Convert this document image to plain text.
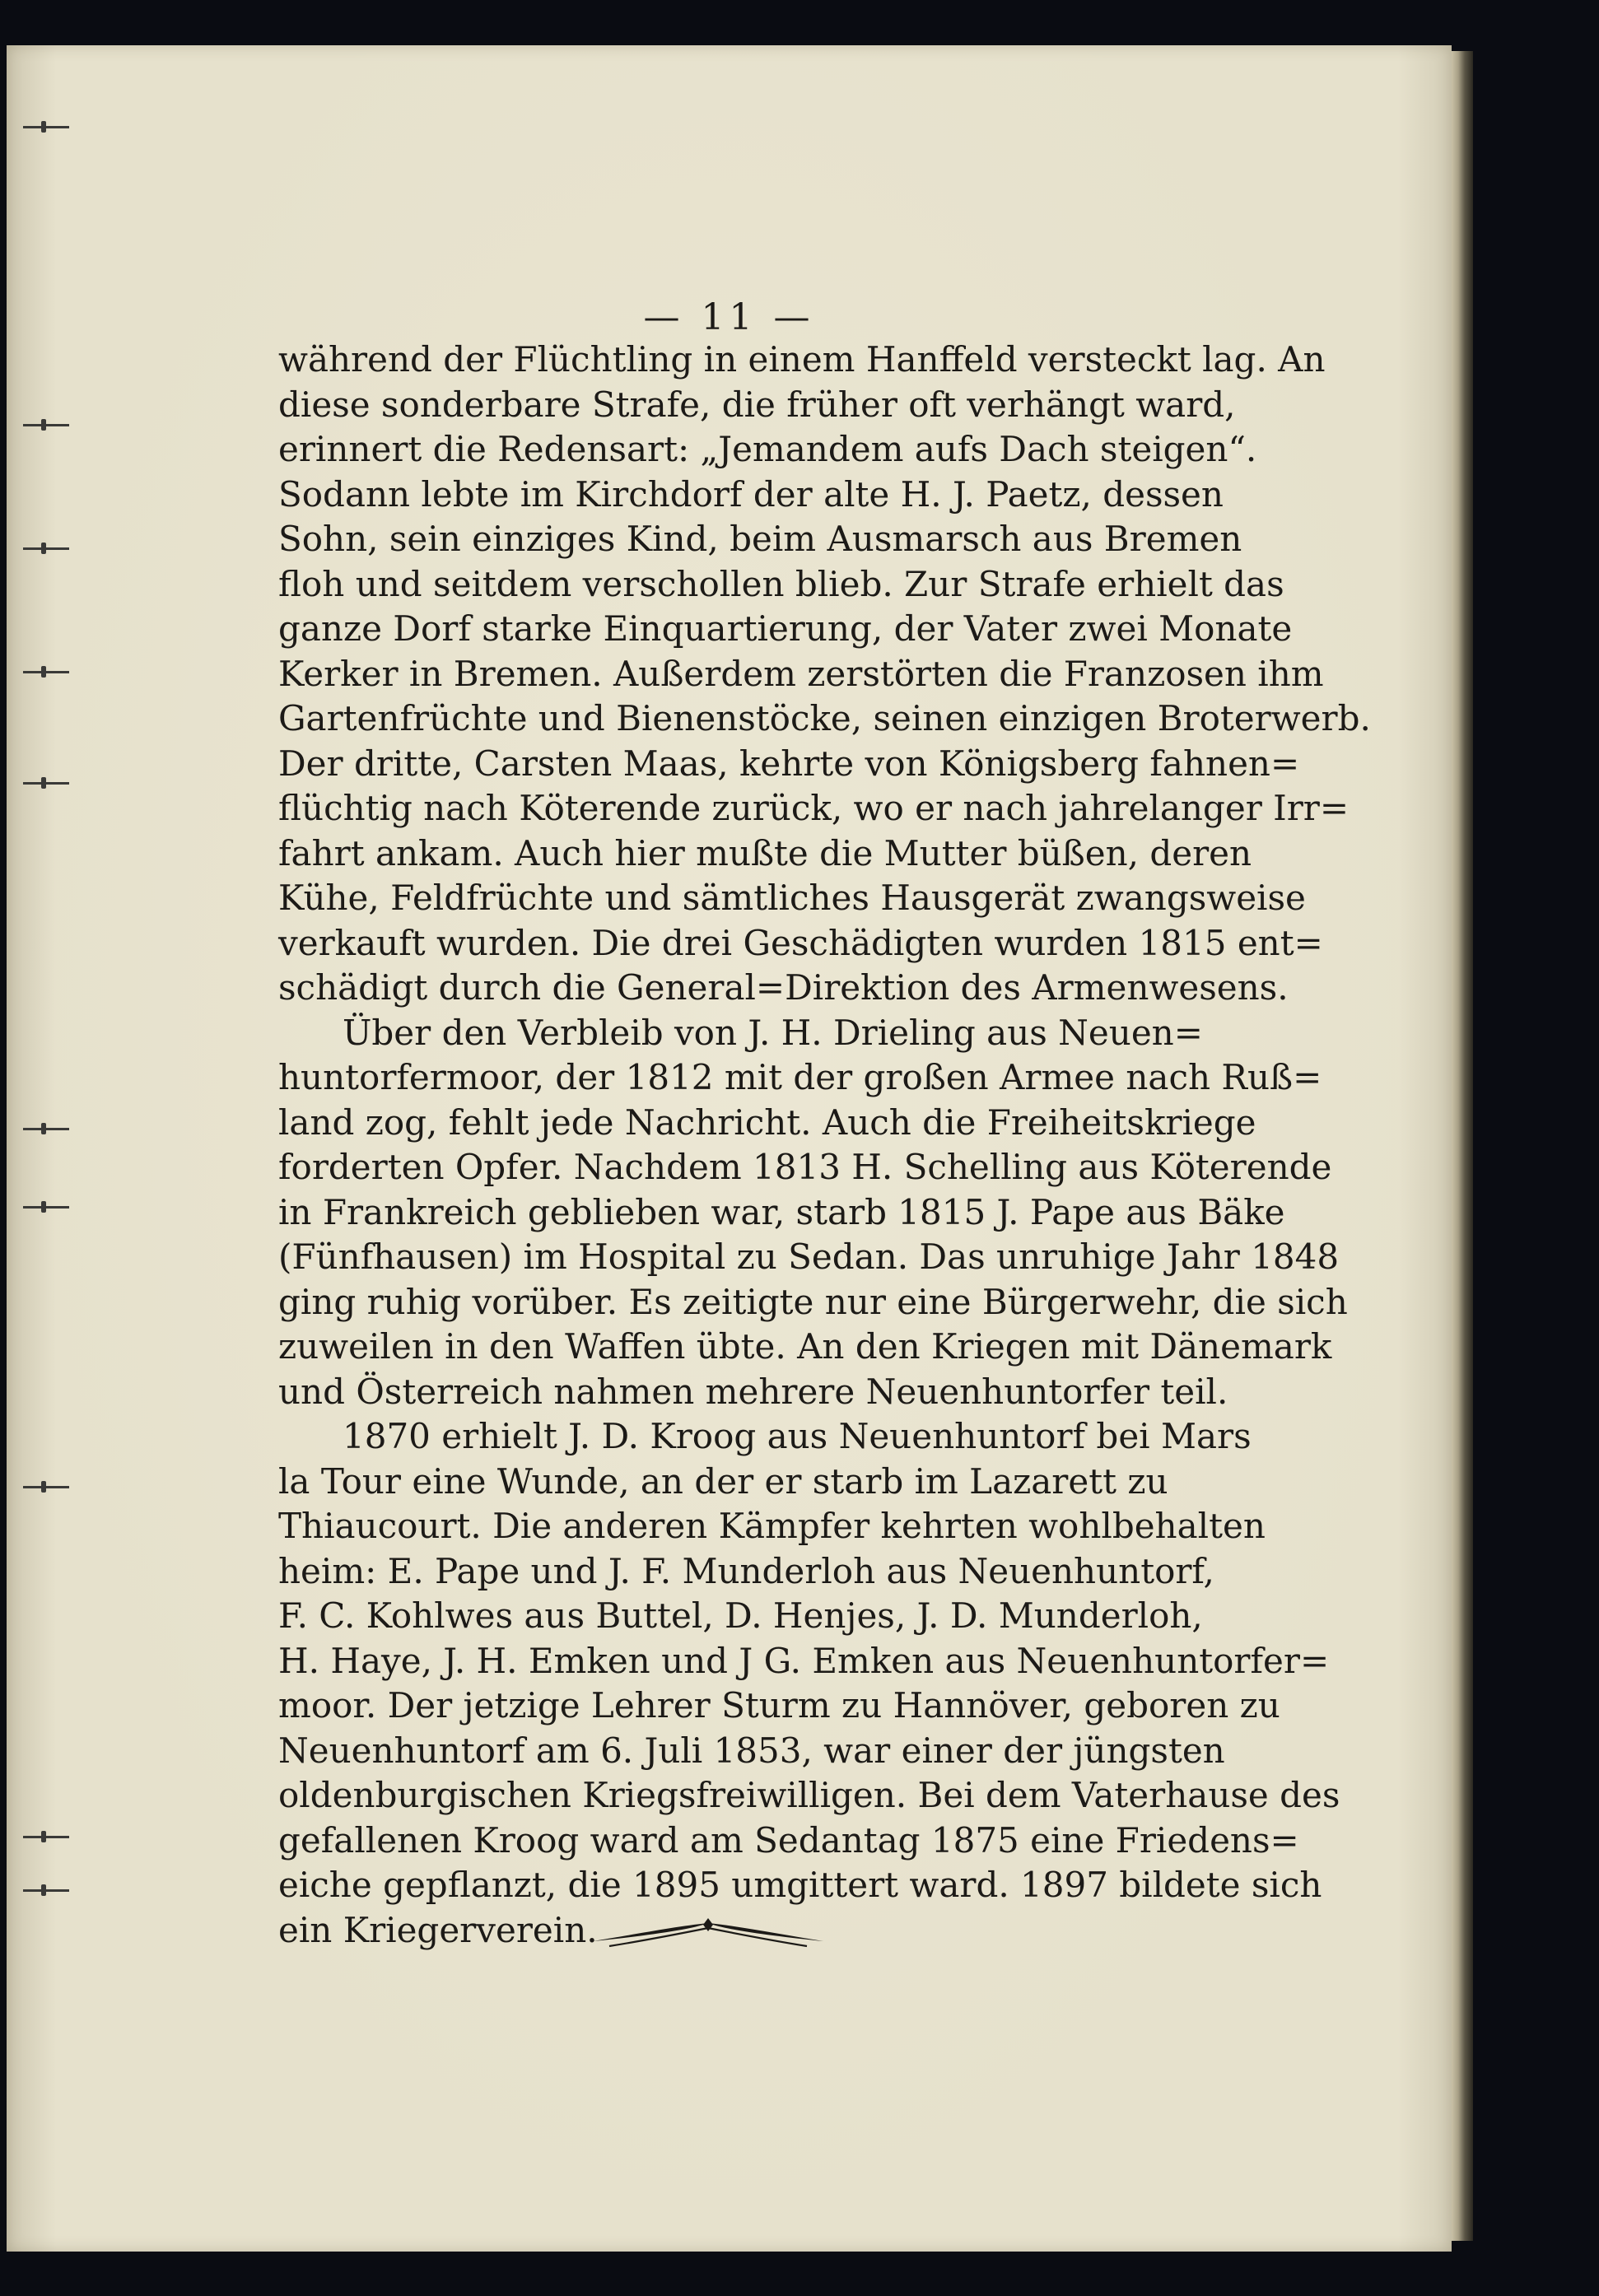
— 11 —
während der Flüchtling in einem Hanffeld versteckt lag. An
diese sonderbare Strafe, die früher oft verhängt ward,
erinnert die Redensart: „Jemandem aufs Dach steigen“.
Sodann lebte im Kirchdorf der alte H. J. Paetz, dessen
Sohn, sein einziges Kind, beim Ausmarsch aus Bremen
floh und seitdem verschollen blieb. Zur Strafe erhielt das
ganze Dorf starke Einquartierung, der Vater zwei Monate
Kerker in Bremen. Außerdem zerstörten die Franzosen ihm
Gartenfrüchte und Bienenstöcke, seinen einzigen Broterwerb.
Der dritte, Carsten Maas, kehrte von Königsberg fahnen=
flüchtig nach Köterende zurück, wo er nach jahrelanger Irr=
fahrt ankam. Auch hier mußte die Mutter büßen, deren
Kühe, Feldfrüchte und sämtliches Hausgerät zwangsweise
verkauft wurden. Die drei Geschädigten wurden 1815 ent=
schädigt durch die General=Direktion des Armenwesens.
Über den Verbleib von J. H. Drieling aus Neuen=
huntorfermoor, der 1812 mit der großen Armee nach Ruß=
land zog, fehlt jede Nachricht. Auch die Freiheitskriege
forderten Opfer. Nachdem 1813 H. Schelling aus Köterende
in Frankreich geblieben war, starb 1815 J. Pape aus Bäke
(Fünfhausen) im Hospital zu Sedan. Das unruhige Jahr 1848
ging ruhig vorüber. Es zeitigte nur eine Bürgerwehr, die sich
zuweilen in den Waffen übte. An den Kriegen mit Dänemark
und Österreich nahmen mehrere Neuenhuntorfer teil.
1870 erhielt J. D. Kroog aus Neuenhuntorf bei Mars
la Tour eine Wunde, an der er starb im Lazarett zu
Thiaucourt. Die anderen Kämpfer kehrten wohlbehalten
heim: E. Pape und J. F. Munderloh aus Neuenhuntorf,
F. C. Kohlwes aus Buttel, D. Henjes, J. D. Munderloh,
H. Haye, J. H. Emken und J G. Emken aus Neuenhuntorfer=
moor. Der jetzige Lehrer Sturm zu Hannöver, geboren zu
Neuenhuntorf am 6. Juli 1853, war einer der jüngsten
oldenburgischen Kriegsfreiwilligen. Bei dem Vaterhause des
gefallenen Kroog ward am Sedantag 1875 eine Friedens=
eiche gepflanzt, die 1895 umgittert ward. 1897 bildete sich
ein Kriegerverein.
